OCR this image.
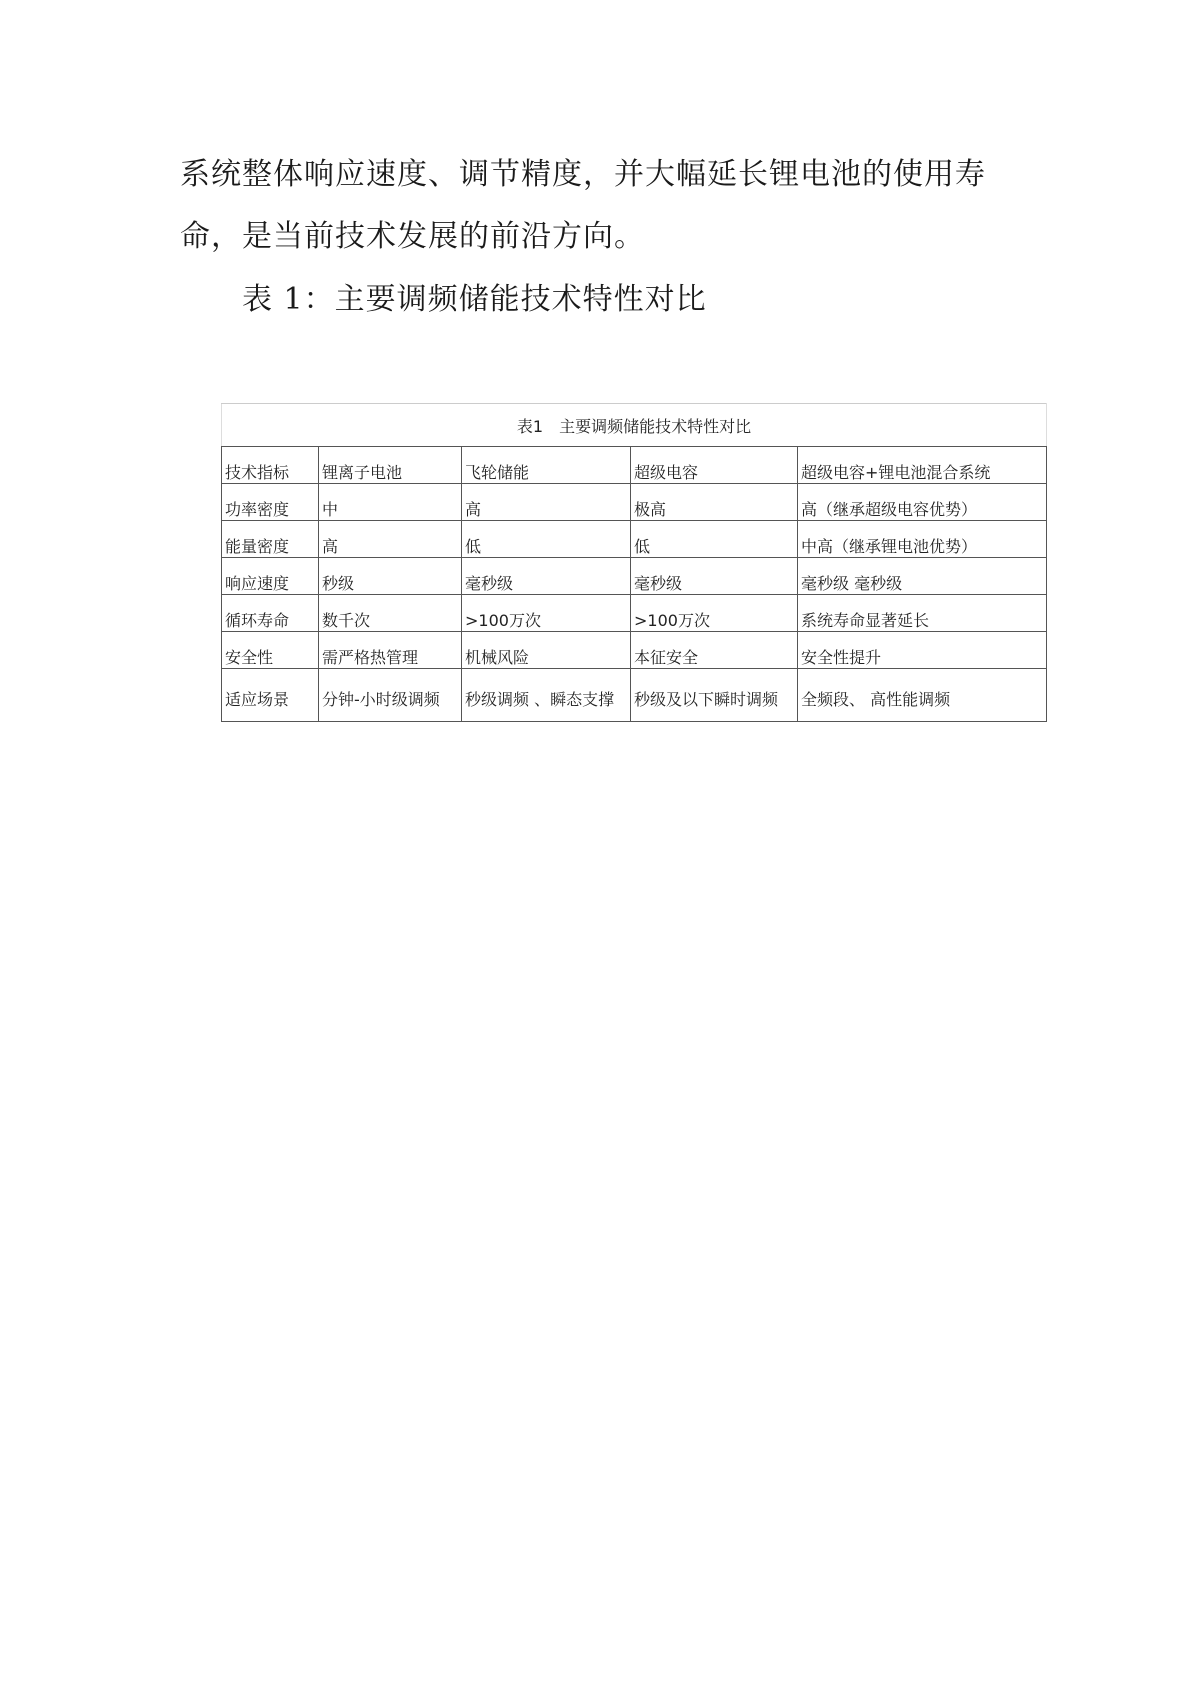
系统整体响应速度、调节精度，并大幅延长锂电池的使用寿
命，是当前技术发展的前沿方向。
表 1：主要调频储能技术特性对比
表1　主要调频储能技术特性对比				
技术指标	锂离子电池	飞轮储能	超级电容	超级电容+锂电池混合系统
功率密度	中	高	极高	高（继承超级电容优势）
能量密度	高	低	低	中高（继承锂电池优势）
响应速度	秒级	毫秒级	毫秒级	毫秒级 毫秒级
循环寿命	数千次	>100万次	>100万次	系统寿命显著延长
安全性	需严格热管理	机械风险	本征安全	安全性提升
适应场景	分钟-小时级调频	秒级调频 、瞬态支撑	秒级及以下瞬时调频	全频段、 高性能调频
